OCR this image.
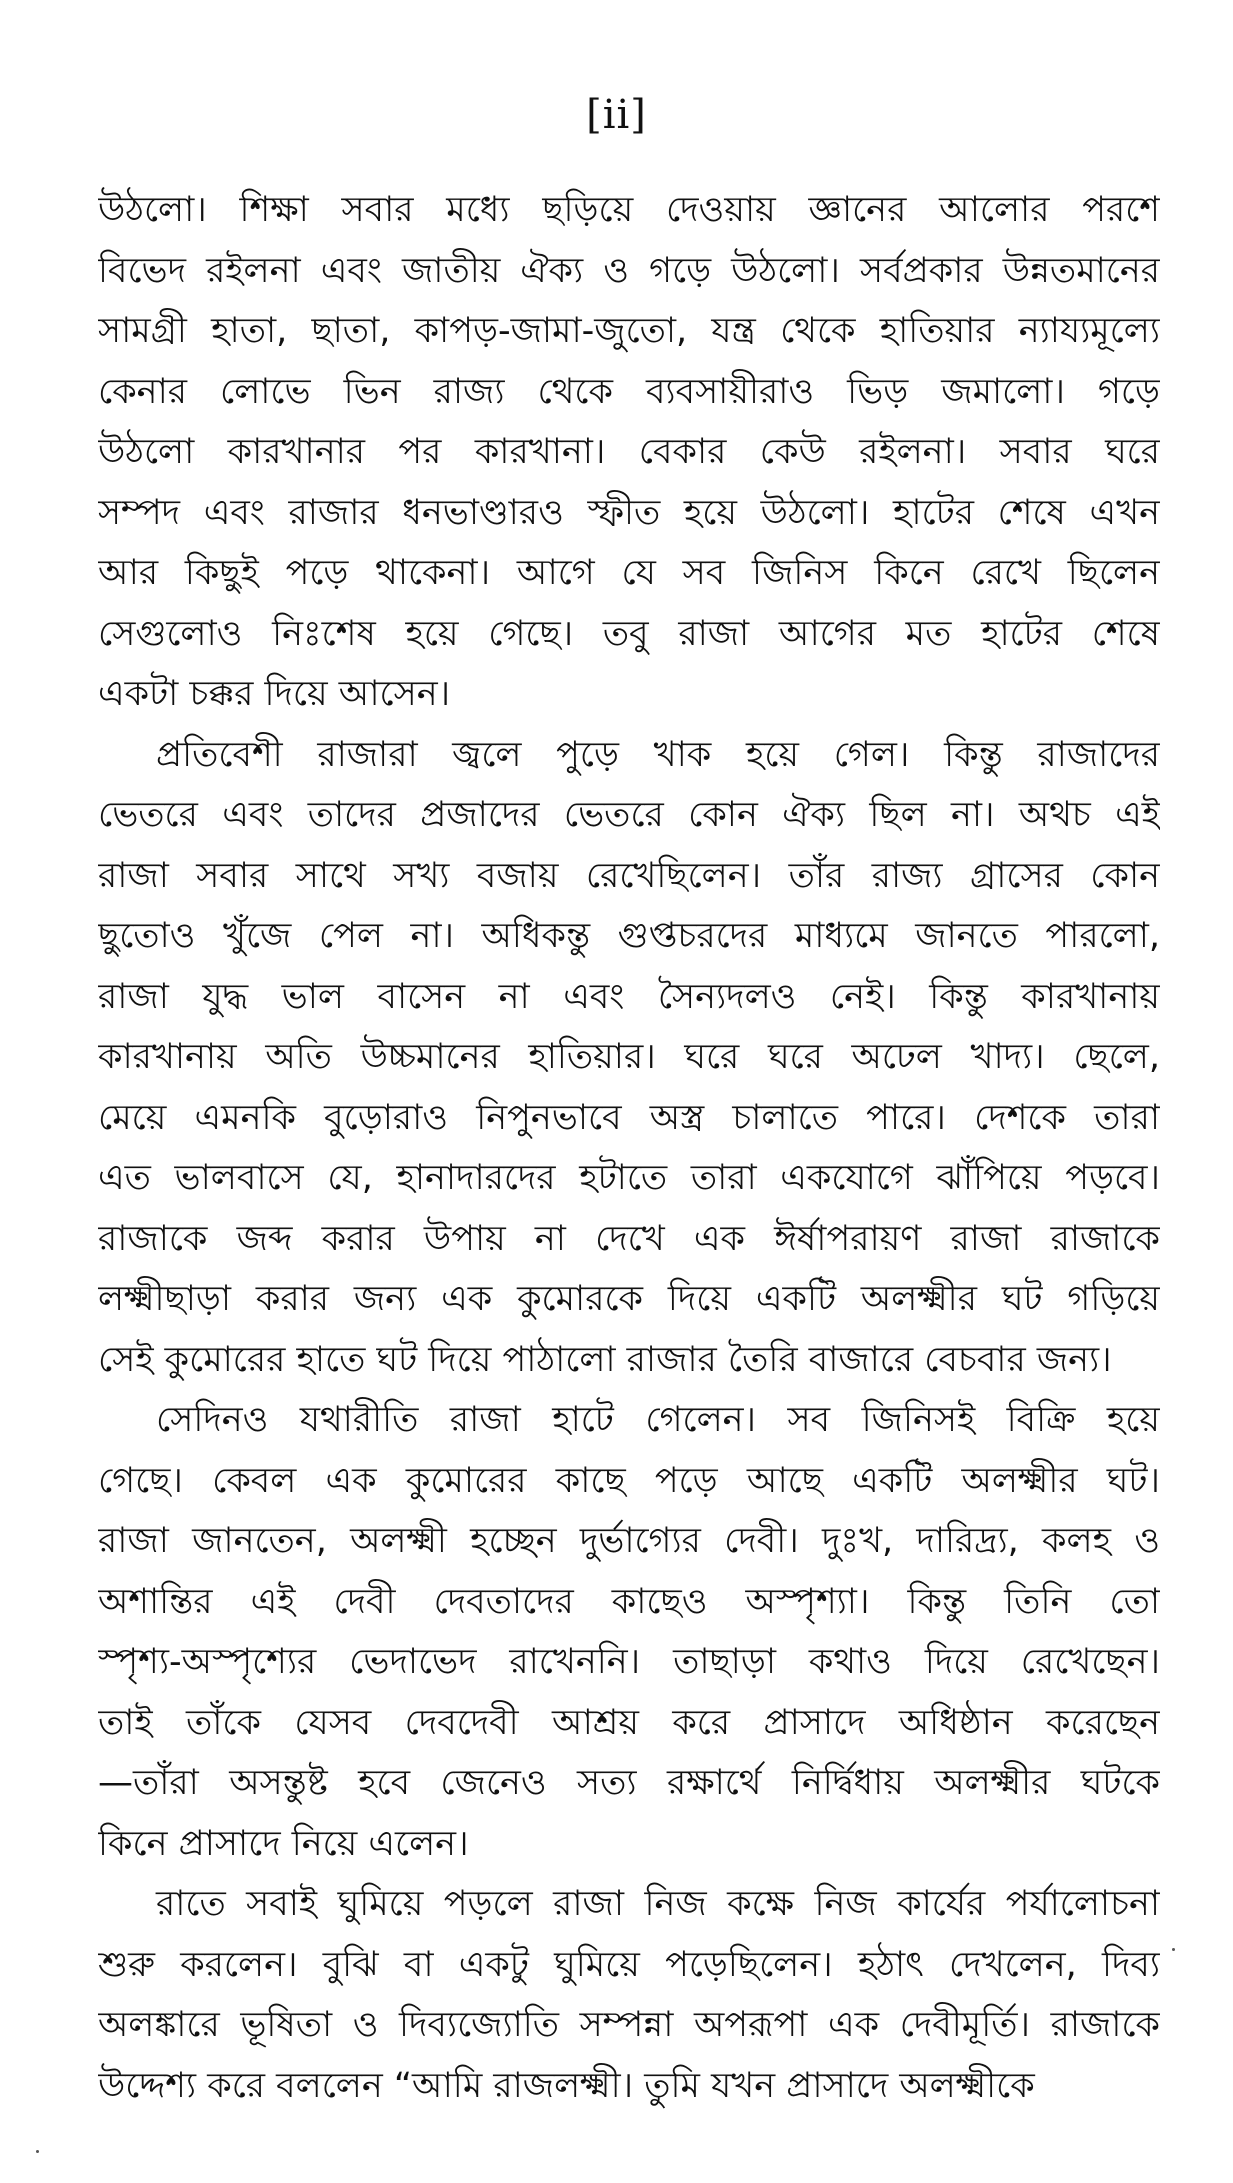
[ii]
উঠলো। শিক্ষা সবার মধ্যে ছড়িয়ে দেওয়ায় জ্ঞানের আলোর পরশে
বিভেদ রইলনা এবং জাতীয় ঐক্য ও গড়ে উঠলো। সর্বপ্রকার উন্নতমানের
সামগ্রী হাতা, ছাতা, কাপড়-জামা-জুতো, যন্ত্র থেকে হাতিয়ার ন্যায্যমূল্যে
কেনার লোভে ভিন রাজ্য থেকে ব্যবসায়ীরাও ভিড় জমালো। গড়ে
উঠলো কারখানার পর কারখানা। বেকার কেউ রইলনা। সবার ঘরে
সম্পদ এবং রাজার ধনভাণ্ডারও স্ফীত হয়ে উঠলো। হাটের শেষে এখন
আর কিছুই পড়ে থাকেনা। আগে যে সব জিনিস কিনে রেখে ছিলেন
সেগুলোও নিঃশেষ হয়ে গেছে। তবু রাজা আগের মত হাটের শেষে
একটা চক্কর দিয়ে আসেন।
প্রতিবেশী রাজারা জ্বলে পুড়ে খাক হয়ে গেল। কিন্তু রাজাদের
ভেতরে এবং তাদের প্রজাদের ভেতরে কোন ঐক্য ছিল না। অথচ এই
রাজা সবার সাথে সখ্য বজায় রেখেছিলেন। তাঁর রাজ্য গ্রাসের কোন
ছুতোও খুঁজে পেল না। অধিকন্তু গুপ্তচরদের মাধ্যমে জানতে পারলো,
রাজা যুদ্ধ ভাল বাসেন না এবং সৈন্যদলও নেই। কিন্তু কারখানায়
কারখানায় অতি উচ্চমানের হাতিয়ার। ঘরে ঘরে অঢেল খাদ্য। ছেলে,
মেয়ে এমনকি বুড়োরাও নিপুনভাবে অস্ত্র চালাতে পারে। দেশকে তারা
এত ভালবাসে যে, হানাদারদের হটাতে তারা একযোগে ঝাঁপিয়ে পড়বে।
রাজাকে জব্দ করার উপায় না দেখে এক ঈর্ষাপরায়ণ রাজা রাজাকে
লক্ষ্মীছাড়া করার জন্য এক কুমোরকে দিয়ে একটি অলক্ষ্মীর ঘট গড়িয়ে
সেই কুমোরের হাতে ঘট দিয়ে পাঠালো রাজার তৈরি বাজারে বেচবার জন্য।
সেদিনও যথারীতি রাজা হাটে গেলেন। সব জিনিসই বিক্রি হয়ে
গেছে। কেবল এক কুমোরের কাছে পড়ে আছে একটি অলক্ষ্মীর ঘট।
রাজা জানতেন, অলক্ষ্মী হচ্ছেন দুর্ভাগ্যের দেবী। দুঃখ, দারিদ্র্য, কলহ ও
অশান্তির এই দেবী দেবতাদের কাছেও অস্পৃশ্যা। কিন্তু তিনি তো
স্পৃশ্য-অস্পৃশ্যের ভেদাভেদ রাখেননি। তাছাড়া কথাও দিয়ে রেখেছেন।
তাই তাঁকে যেসব দেবদেবী আশ্রয় করে প্রাসাদে অধিষ্ঠান করেছেন
—তাঁরা অসন্তুষ্ট হবে জেনেও সত্য রক্ষার্থে নির্দ্বিধায় অলক্ষ্মীর ঘটকে
কিনে প্রাসাদে নিয়ে এলেন।
রাতে সবাই ঘুমিয়ে পড়লে রাজা নিজ কক্ষে নিজ কার্যের পর্যালোচনা
শুরু করলেন। বুঝি বা একটু ঘুমিয়ে পড়েছিলেন। হঠাৎ দেখলেন, দিব্য
অলঙ্কারে ভূষিতা ও দিব্যজ্যোতি সম্পন্না অপরূপা এক দেবীমূর্তি। রাজাকে
উদ্দেশ্য করে বললেন “আমি রাজলক্ষ্মী। তুমি যখন প্রাসাদে অলক্ষ্মীকে
